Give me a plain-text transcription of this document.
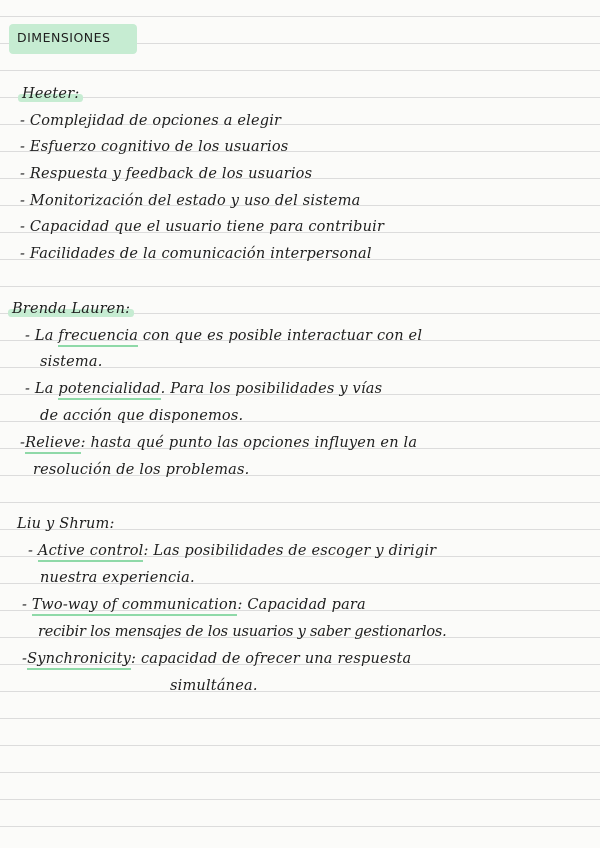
DIMENSIONES
Heeter:
- Complejidad de opciones a elegir
- Esfuerzo cognitivo de los usuarios
- Respuesta y feedback de los usuarios
- Monitorización del estado y uso del sistema
- Capacidad que el usuario tiene para contribuir
- Facilidades de la comunicación interpersonal
Brenda Lauren:
- La frecuencia con que es posible interactuar con el
sistema.
- La potencialidad. Para los posibilidades y vías
de acción que disponemos.
-Relieve: hasta qué punto las opciones influyen en la
resolución de los problemas.
Liu y Shrum:
- Active control: Las posibilidades de escoger y dirigir
nuestra experiencia.
- Two-way of communication: Capacidad para
recibir los mensajes de los usuarios y saber gestionarlos.
-Synchronicity: capacidad de ofrecer una respuesta
simultánea.
